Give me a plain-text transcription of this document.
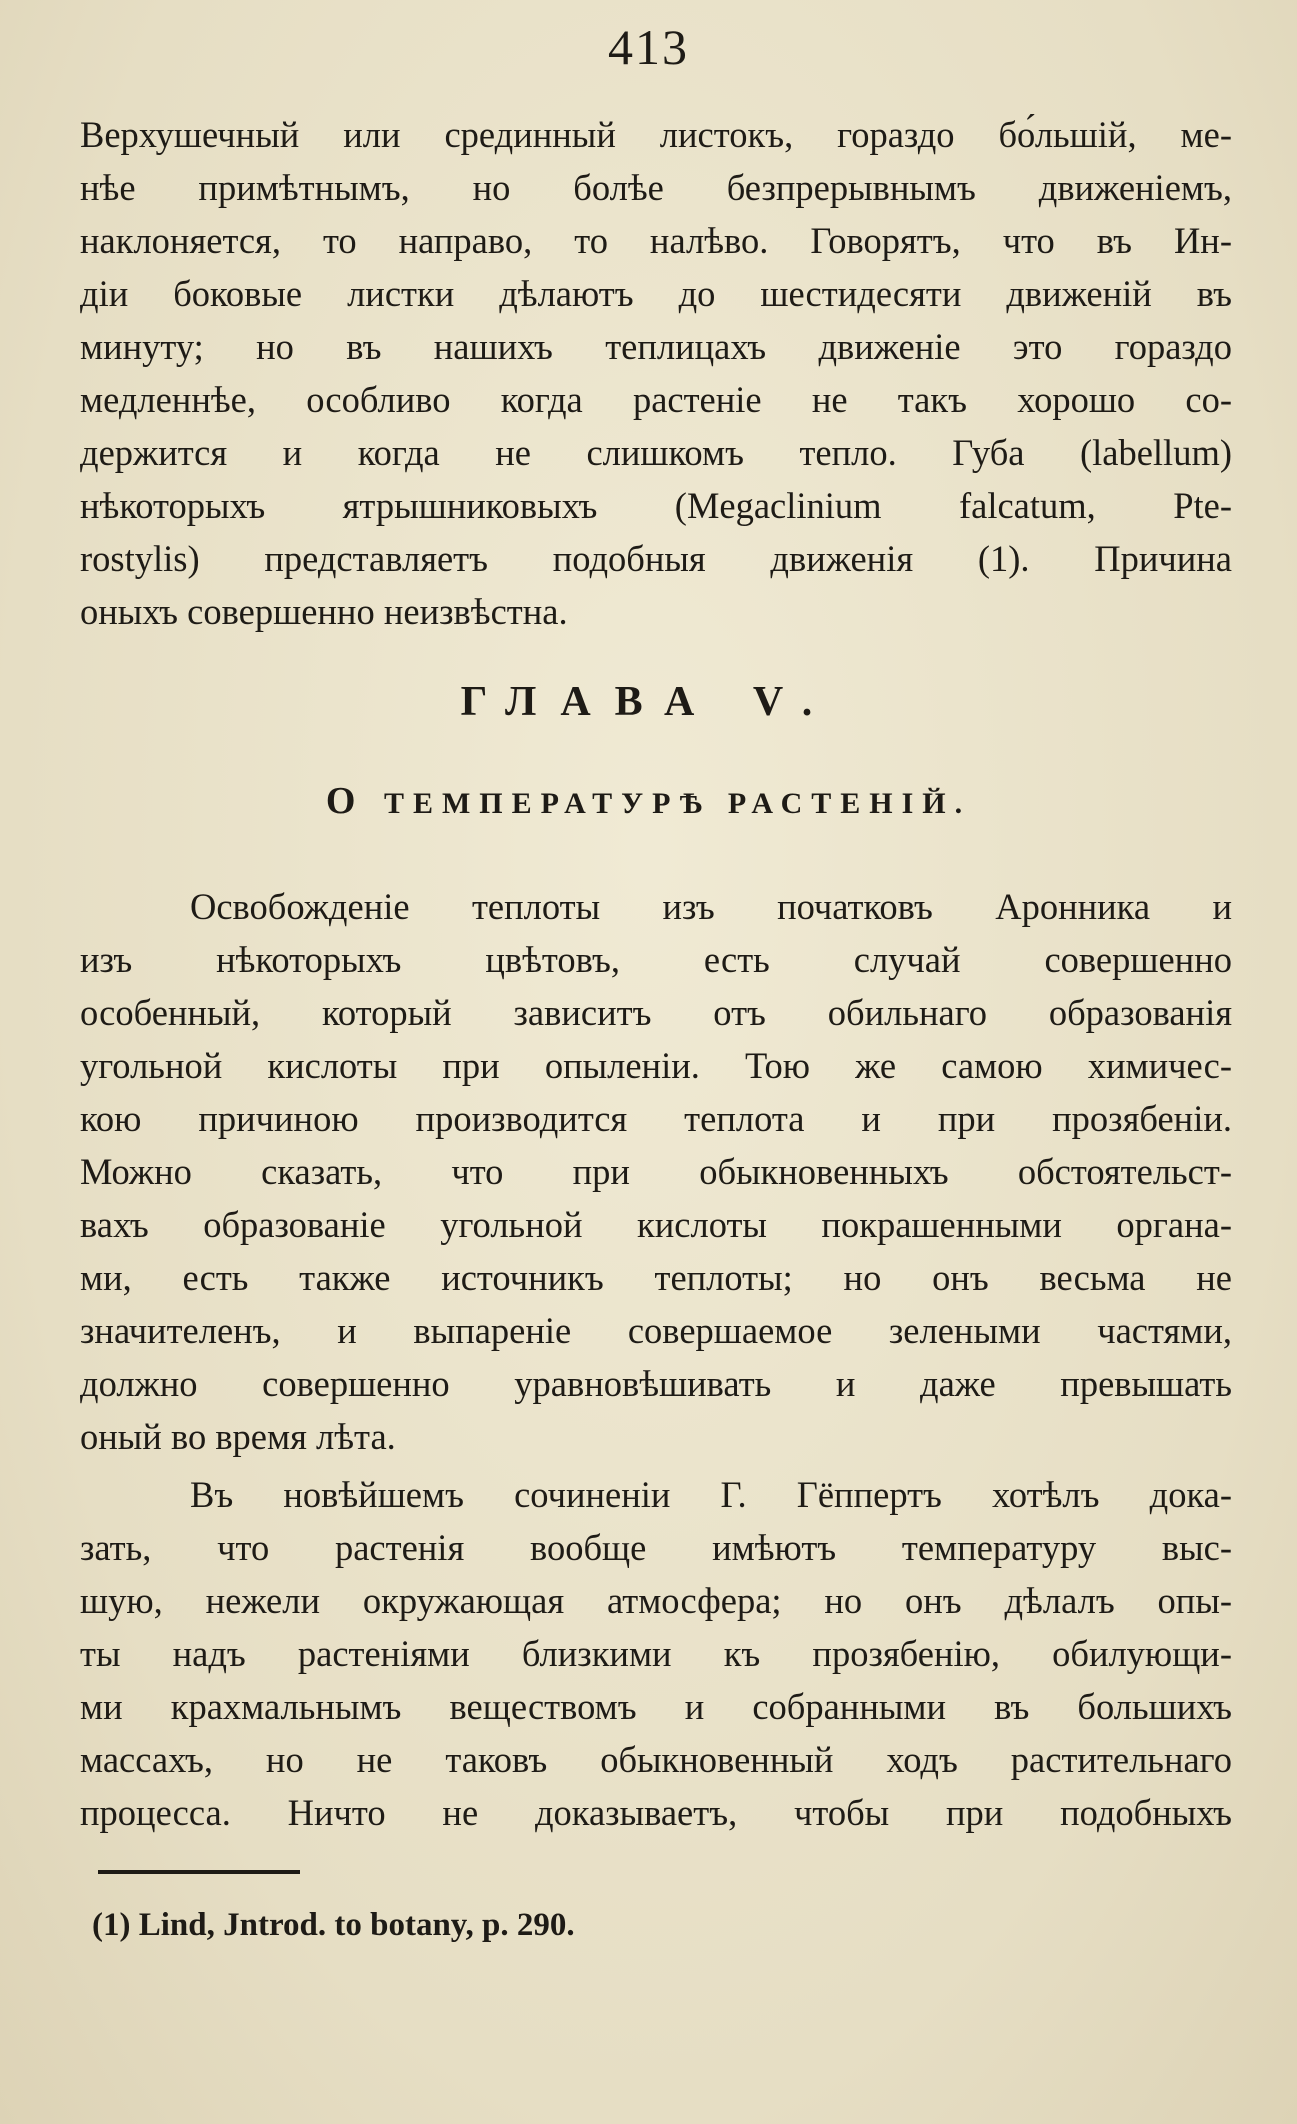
413
Верхушечный или срединный листокъ, гораздо бо́льшій, ме-
нѣе примѣтнымъ, но болѣе безпрерывнымъ движеніемъ,
наклоняется, то направо, то налѣво. Говорятъ, что въ Ин-
діи боковые листки дѣлаютъ до шестидесяти движеній въ
минуту; но въ нашихъ теплицахъ движеніе это гораздо
медленнѣе, особливо когда растеніе не такъ хорошо со-
держится и когда не слишкомъ тепло. Губа (labellum)
нѣкоторыхъ ятрышниковыхъ (Megaclinium falcatum, Pte-
rostylis) представляетъ подобныя движенія (1). Причина
оныхъ совершенно неизвѣстна.
ГЛАВА V.
О ТЕМПЕРАТУРѢ РАСТЕНІЙ.
Освобожденіе теплоты изъ початковъ Аронника и
изъ нѣкоторыхъ цвѣтовъ, есть случай совершенно
особенный, который зависитъ отъ обильнаго образованія
угольной кислоты при опыленіи. Тою же самою химичес-
кою причиною производится теплота и при прозябеніи.
Можно сказать, что при обыкновенныхъ обстоятельст-
вахъ образованіе угольной кислоты покрашенными органа-
ми, есть также источникъ теплоты; но онъ весьма не
значителенъ, и выпареніе совершаемое зелеными частями,
должно совершенно уравновѣшивать и даже превышать
оный во время лѣта.
Въ новѣйшемъ сочиненіи Г. Гёппертъ хотѣлъ дока-
зать, что растенія вообще имѣютъ температуру выс-
шую, нежели окружающая атмосфера; но онъ дѣлалъ опы-
ты надъ растеніями близкими къ прозябенію, обилующи-
ми крахмальнымъ веществомъ и собранными въ большихъ
массахъ, но не таковъ обыкновенный ходъ растительнаго
процесса. Ничто не доказываетъ, чтобы при подобныхъ
(1) Lind, Jntrod. to botany, p. 290.
